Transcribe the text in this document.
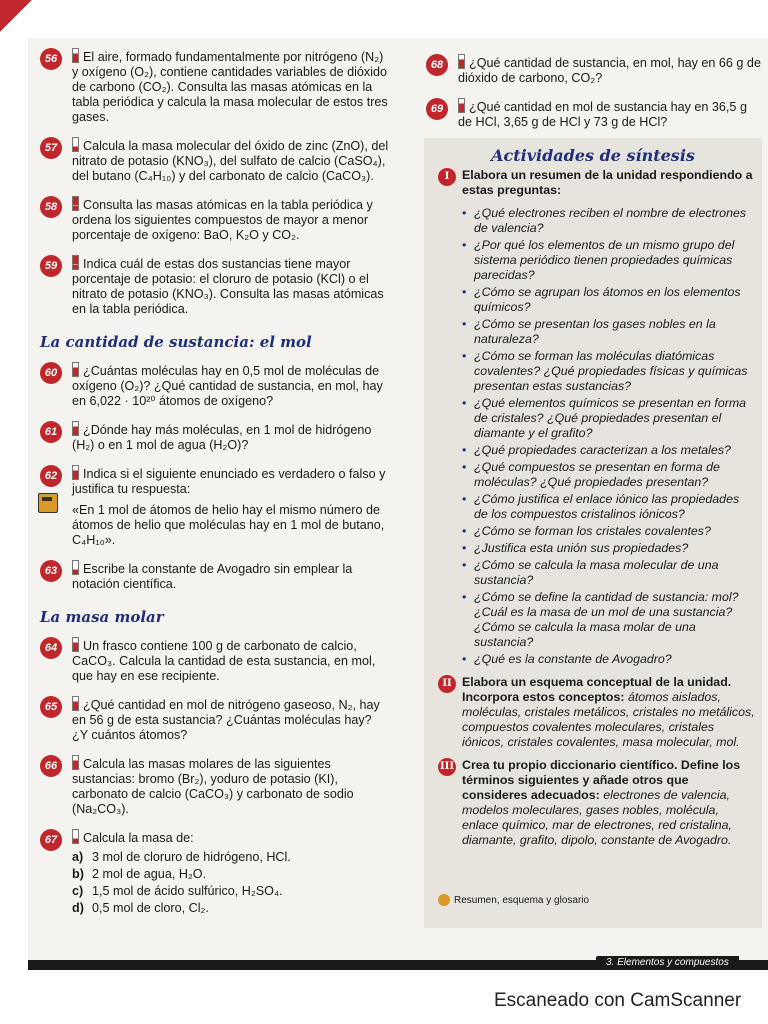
56	El aire, formado fundamentalmente por nitrógeno (N₂) y oxígeno (O₂), contiene cantidades variables de dióxido de carbono (CO₂). Consulta las masas atómicas en la tabla periódica y calcula la masa molecular de estos tres gases.
57	Calcula la masa molecular del óxido de zinc (ZnO), del nitrato de potasio (KNO₃), del sulfato de calcio (CaSO₄), del butano (C₄H₁₀) y del carbonato de calcio (CaCO₃).
58	Consulta las masas atómicas en la tabla periódica y ordena los siguientes compuestos de mayor a menor porcentaje de oxígeno: BaO, K₂O y CO₂.
59	Indica cuál de estas dos sustancias tiene mayor porcentaje de potasio: el cloruro de potasio (KCl) o el nitrato de potasio (KNO₃). Consulta las masas atómicas en la tabla periódica.
La cantidad de sustancia: el mol
60	¿Cuántas moléculas hay en 0,5 mol de moléculas de oxígeno (O₂)? ¿Qué cantidad de sustancia, en mol, hay en 6,022 · 10²⁰ átomos de oxígeno?
61	¿Dónde hay más moléculas, en 1 mol de hidrógeno (H₂) o en 1 mol de agua (H₂O)?
62	Indica si el siguiente enunciado es verdadero o falso y justifica tu respuesta:
«En 1 mol de átomos de helio hay el mismo número de átomos de helio que moléculas hay en 1 mol de butano, C₄H₁₀».
63	Escribe la constante de Avogadro sin emplear la notación científica.
La masa molar
64	Un frasco contiene 100 g de carbonato de calcio, CaCO₃. Calcula la cantidad de esta sustancia, en mol, que hay en ese recipiente.
65	¿Qué cantidad en mol de nitrógeno gaseoso, N₂, hay en 56 g de esta sustancia? ¿Cuántas moléculas hay? ¿Y cuántos átomos?
66	Calcula las masas molares de las siguientes sustancias: bromo (Br₂), yoduro de potasio (KI), carbonato de calcio (CaCO₃) y carbonato de sodio (Na₂CO₃).
67	Calcula la masa de:
a) 3 mol de cloruro de hidrógeno, HCl.
b) 2 mol de agua, H₂O.
c) 1,5 mol de ácido sulfúrico, H₂SO₄.
d) 0,5 mol de cloro, Cl₂.
68	¿Qué cantidad de sustancia, en mol, hay en 66 g de dióxido de carbono, CO₂?
69	¿Qué cantidad en mol de sustancia hay en 36,5 g de HCl, 3,65 g de HCl y 73 g de HCl?
Actividades de síntesis
I	Elabora un resumen de la unidad respondiendo a estas preguntas:
• ¿Qué electrones reciben el nombre de electrones de valencia?
• ¿Por qué los elementos de un mismo grupo del sistema periódico tienen propiedades químicas parecidas?
• ¿Cómo se agrupan los átomos en los elementos químicos?
• ¿Cómo se presentan los gases nobles en la naturaleza?
• ¿Cómo se forman las moléculas diatómicas covalentes? ¿Qué propiedades físicas y químicas presentan estas sustancias?
• ¿Qué elementos químicos se presentan en forma de cristales? ¿Qué propiedades presentan el diamante y el grafito?
• ¿Qué propiedades caracterizan a los metales?
• ¿Qué compuestos se presentan en forma de moléculas? ¿Qué propiedades presentan?
• ¿Cómo justifica el enlace iónico las propiedades de los compuestos cristalinos iónicos?
• ¿Cómo se forman los cristales covalentes?
• ¿Justifica esta unión sus propiedades?
• ¿Cómo se calcula la masa molecular de una sustancia?
• ¿Cómo se define la cantidad de sustancia: mol? ¿Cuál es la masa de un mol de una sustancia? ¿Cómo se calcula la masa molar de una sustancia?
• ¿Qué es la constante de Avogadro?
II Elabora un esquema conceptual de la unidad. Incorpora estos conceptos: átomos aislados, moléculas, cristales metálicos, cristales no metálicos, compuestos covalentes moleculares, cristales iónicos, cristales covalentes, masa molecular, mol.
III Crea tu propio diccionario científico. Define los términos siguientes y añade otros que consideres adecuados: electrones de valencia, modelos moleculares, gases nobles, molécula, enlace químico, mar de electrones, red cristalina, diamante, grafito, dipolo, constante de Avogadro.
Resumen, esquema y glosario
3. Elementos y compuestos
Escaneado con CamScanner
